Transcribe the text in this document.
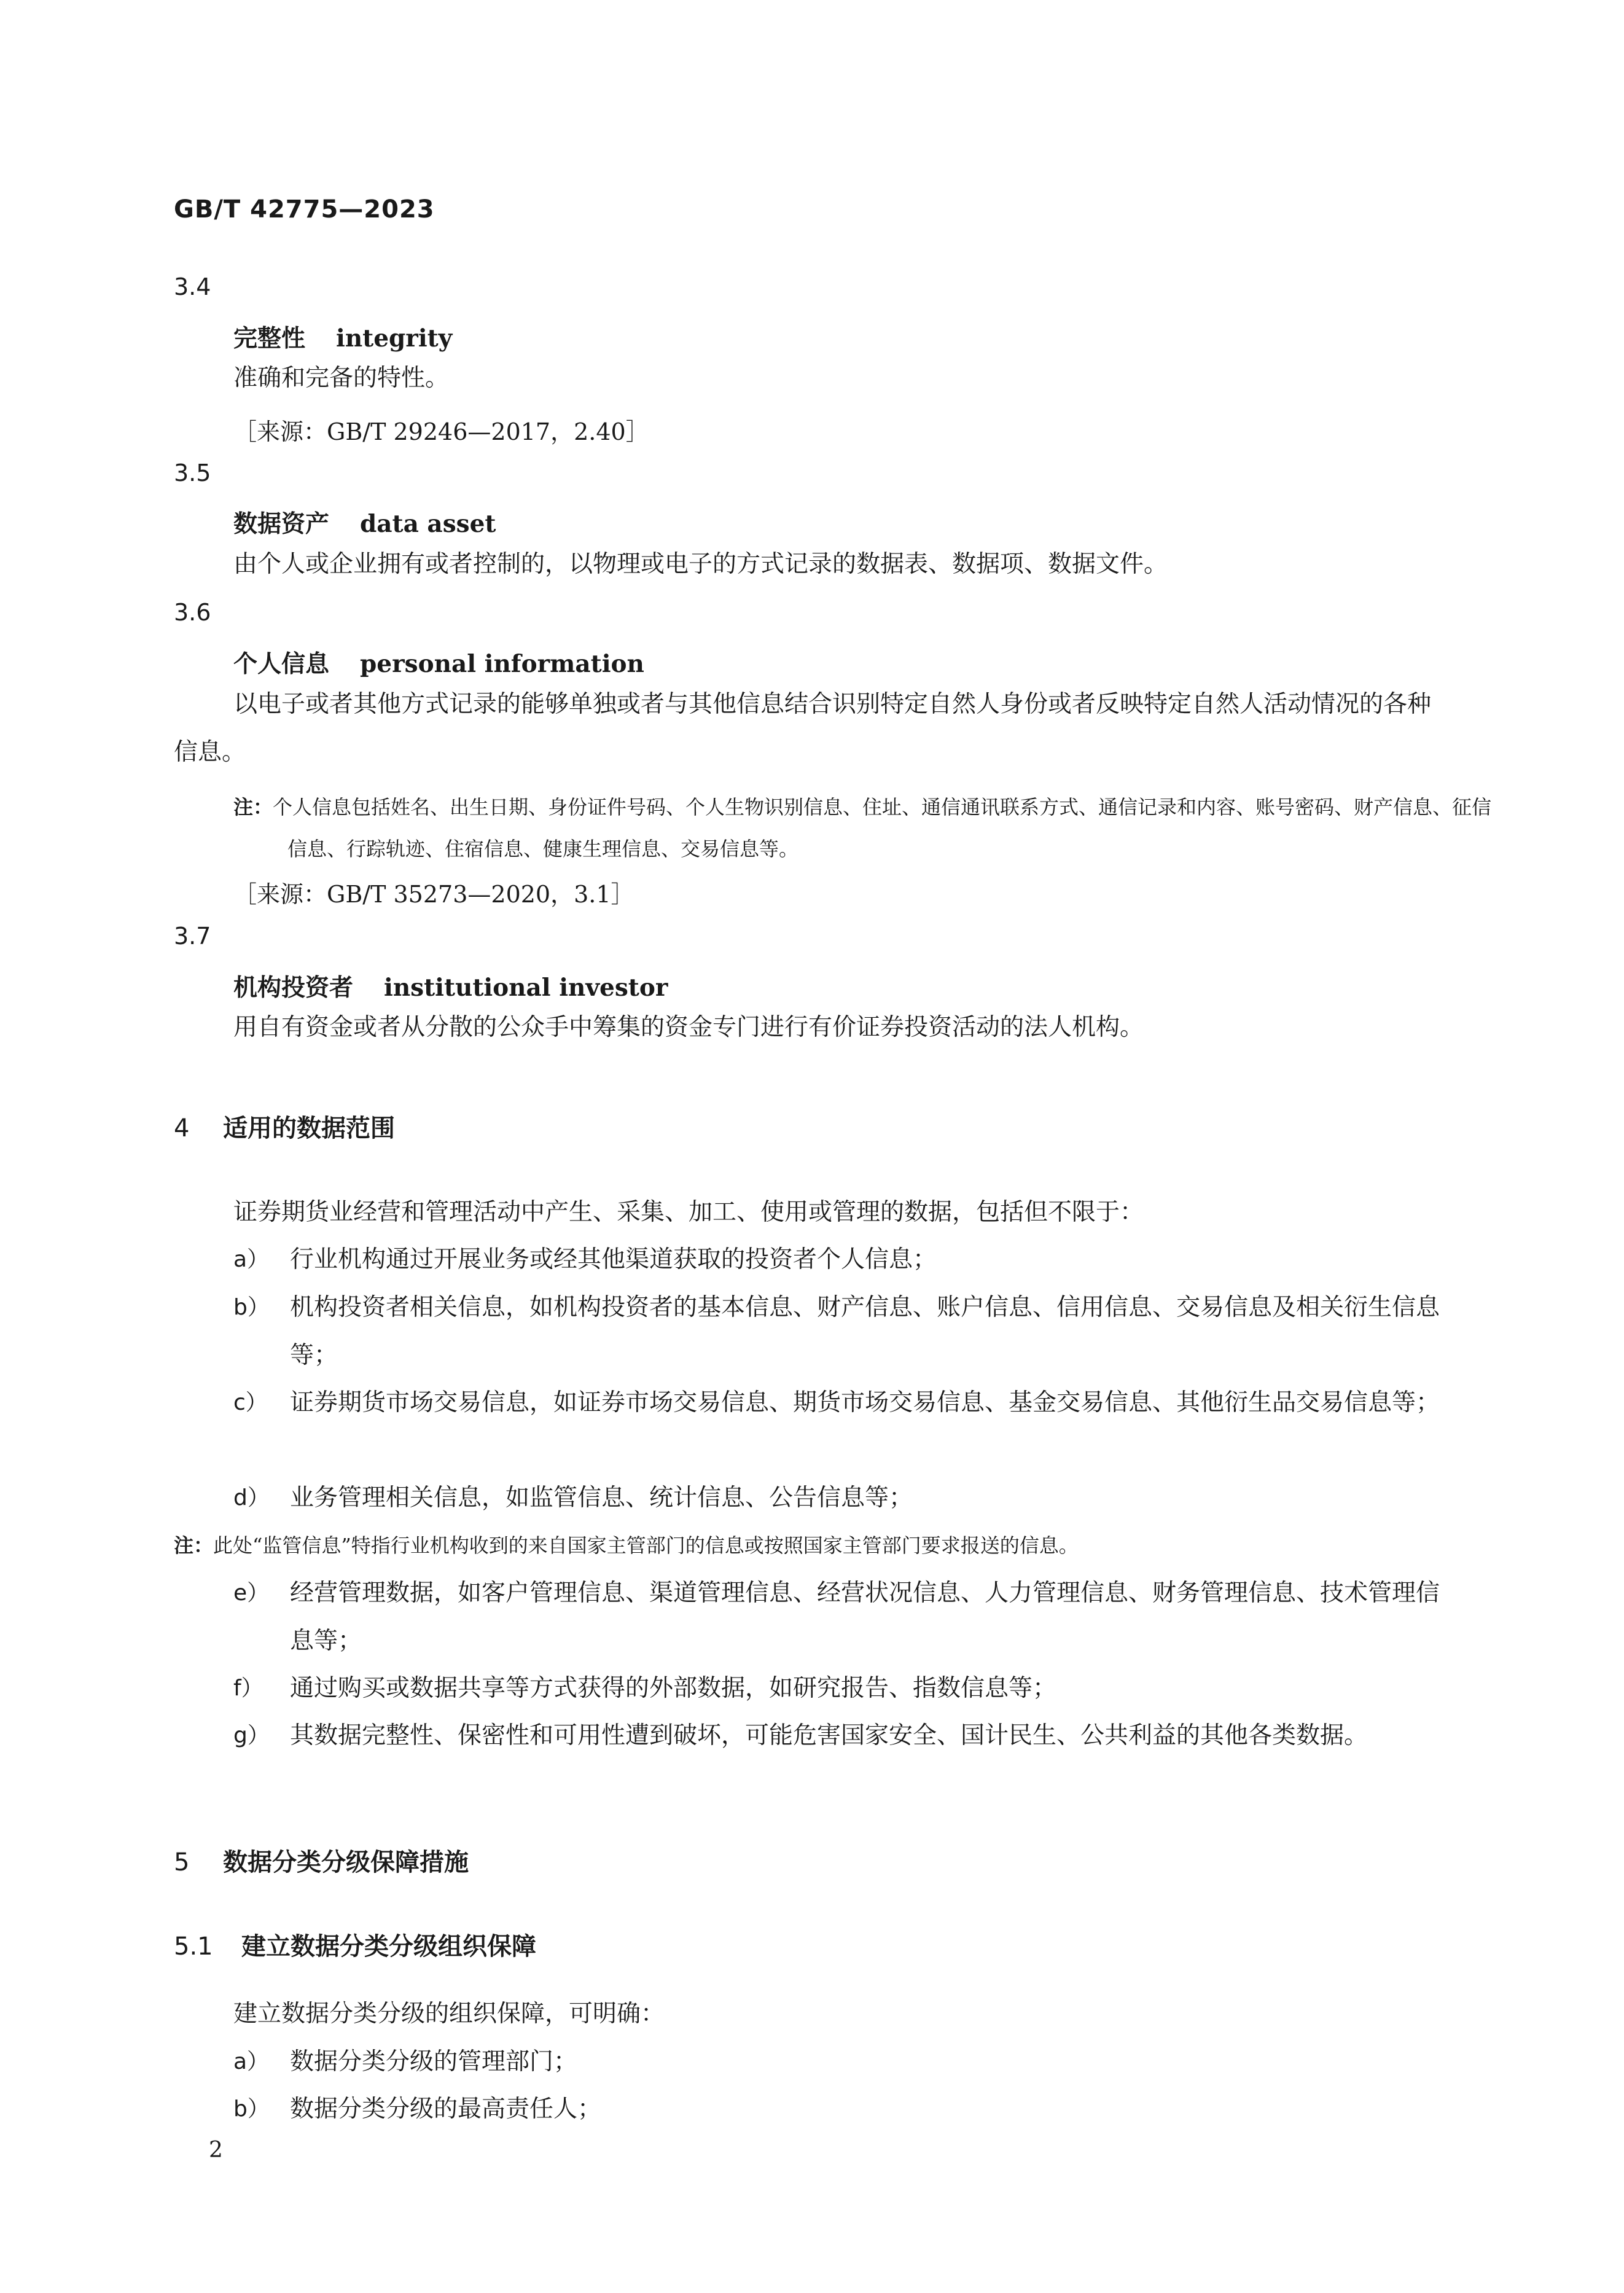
GB/T 42775—2023
3.4
完整性 integrity
准确和完备的特性。
［来源：GB/T 29246—2017，2.40］
3.5
数据资产 data asset
由个人或企业拥有或者控制的，以物理或电子的方式记录的数据表、数据项、数据文件。
3.6
个人信息 personal information
以电子或者其他方式记录的能够单独或者与其他信息结合识别特定自然人身份或者反映特定自然人活动情况的各种信息。
注：个人信息包括姓名、出生日期、身份证件号码、个人生物识别信息、住址、通信通讯联系方式、通信记录和内容、账号密码、财产信息、征信信息、行踪轨迹、住宿信息、健康生理信息、交易信息等。
［来源：GB/T 35273—2020，3.1］
3.7
机构投资者 institutional investor
用自有资金或者从分散的公众手中筹集的资金专门进行有价证券投资活动的法人机构。
4 适用的数据范围
证券期货业经营和管理活动中产生、采集、加工、使用或管理的数据，包括但不限于：
a） 行业机构通过开展业务或经其他渠道获取的投资者个人信息；
b） 机构投资者相关信息，如机构投资者的基本信息、财产信息、账户信息、信用信息、交易信息及相关衍生信息等；
c） 证券期货市场交易信息，如证券市场交易信息、期货市场交易信息、基金交易信息、其他衍生品交易信息等；
d） 业务管理相关信息，如监管信息、统计信息、公告信息等；
注：此处“监管信息”特指行业机构收到的来自国家主管部门的信息或按照国家主管部门要求报送的信息。
e） 经营管理数据，如客户管理信息、渠道管理信息、经营状况信息、人力管理信息、财务管理信息、技术管理信息等；
f）	通过购买或数据共享等方式获得的外部数据，如研究报告、指数信息等；
g） 其数据完整性、保密性和可用性遭到破坏，可能危害国家安全、国计民生、公共利益的其他各类数据。
5 数据分类分级保障措施
5.1 建立数据分类分级组织保障
建立数据分类分级的组织保障，可明确：
a） 数据分类分级的管理部门；
b） 数据分类分级的最高责任人；
2
